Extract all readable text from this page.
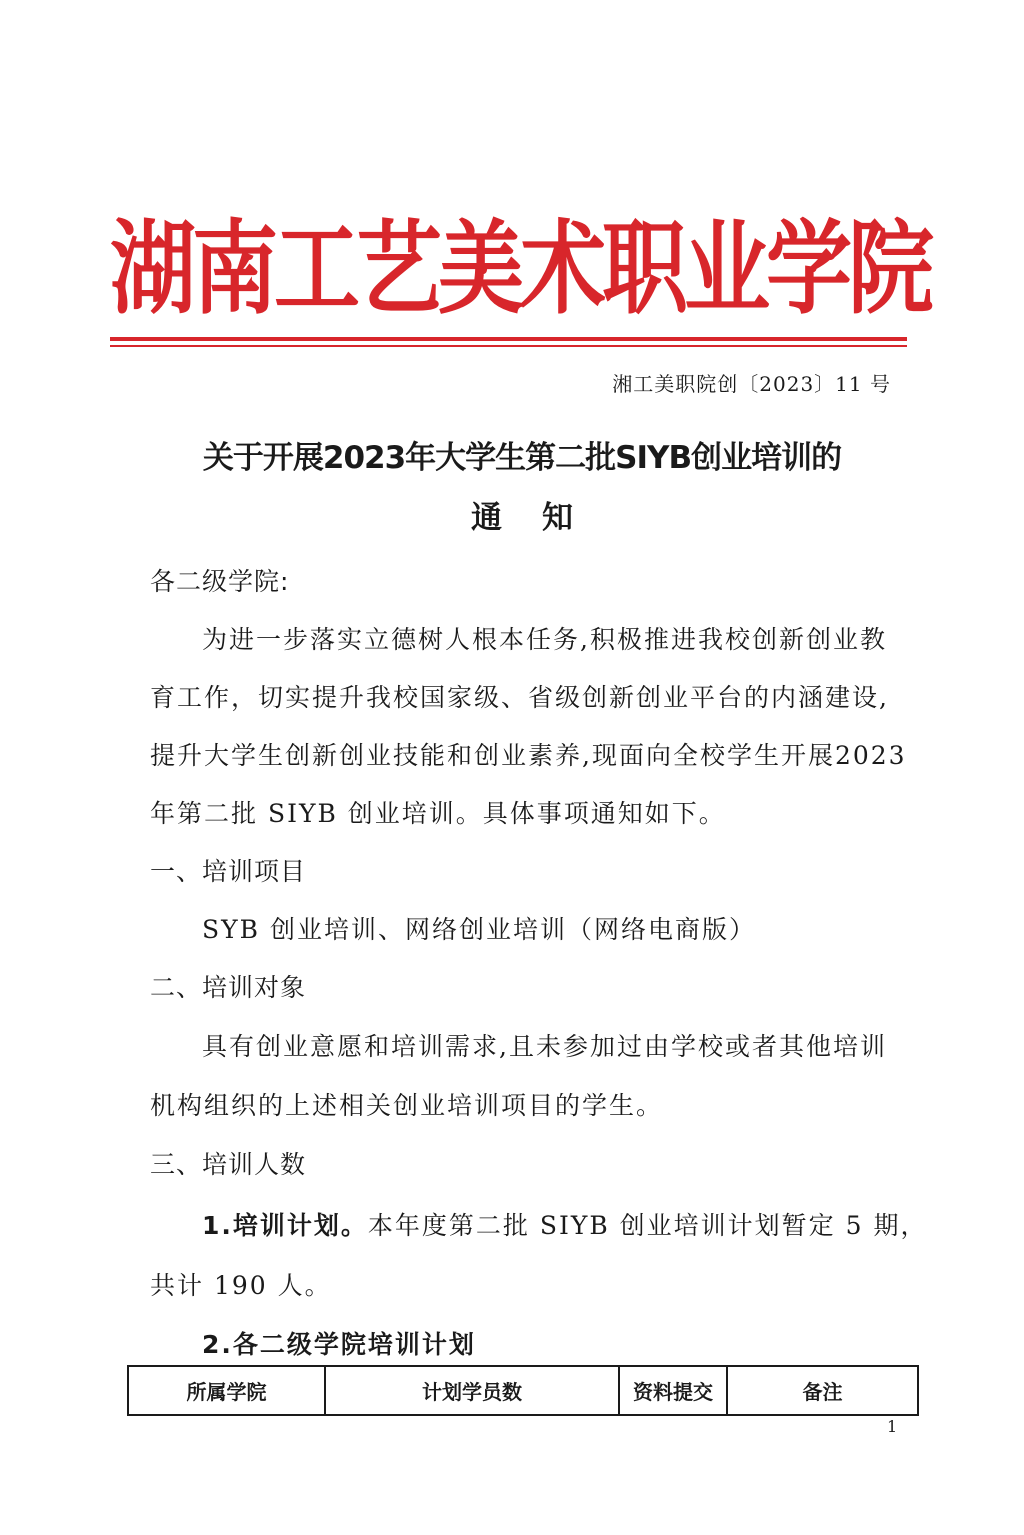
湖南工艺美术职业学院
湘工美职院创〔2023〕11 号
关于开展2023年大学生第二批SIYB创业培训的
通知
各二级学院:
为进一步落实立德树人根本任务,积极推进我校创新创业教
育工作，切实提升我校国家级、省级创新创业平台的内涵建设,
提升大学生创新创业技能和创业素养,现面向全校学生开展2023
年第二批 SIYB 创业培训。具体事项通知如下。
一、培训项目
SYB 创业培训、网络创业培训（网络电商版）
二、培训对象
具有创业意愿和培训需求,且未参加过由学校或者其他培训
机构组织的上述相关创业培训项目的学生。
三、培训人数
1.培训计划。本年度第二批 SIYB 创业培训计划暂定 5 期，
共计 190 人。
2.各二级学院培训计划
所属学院	计划学员数	资料提交	备注
1
